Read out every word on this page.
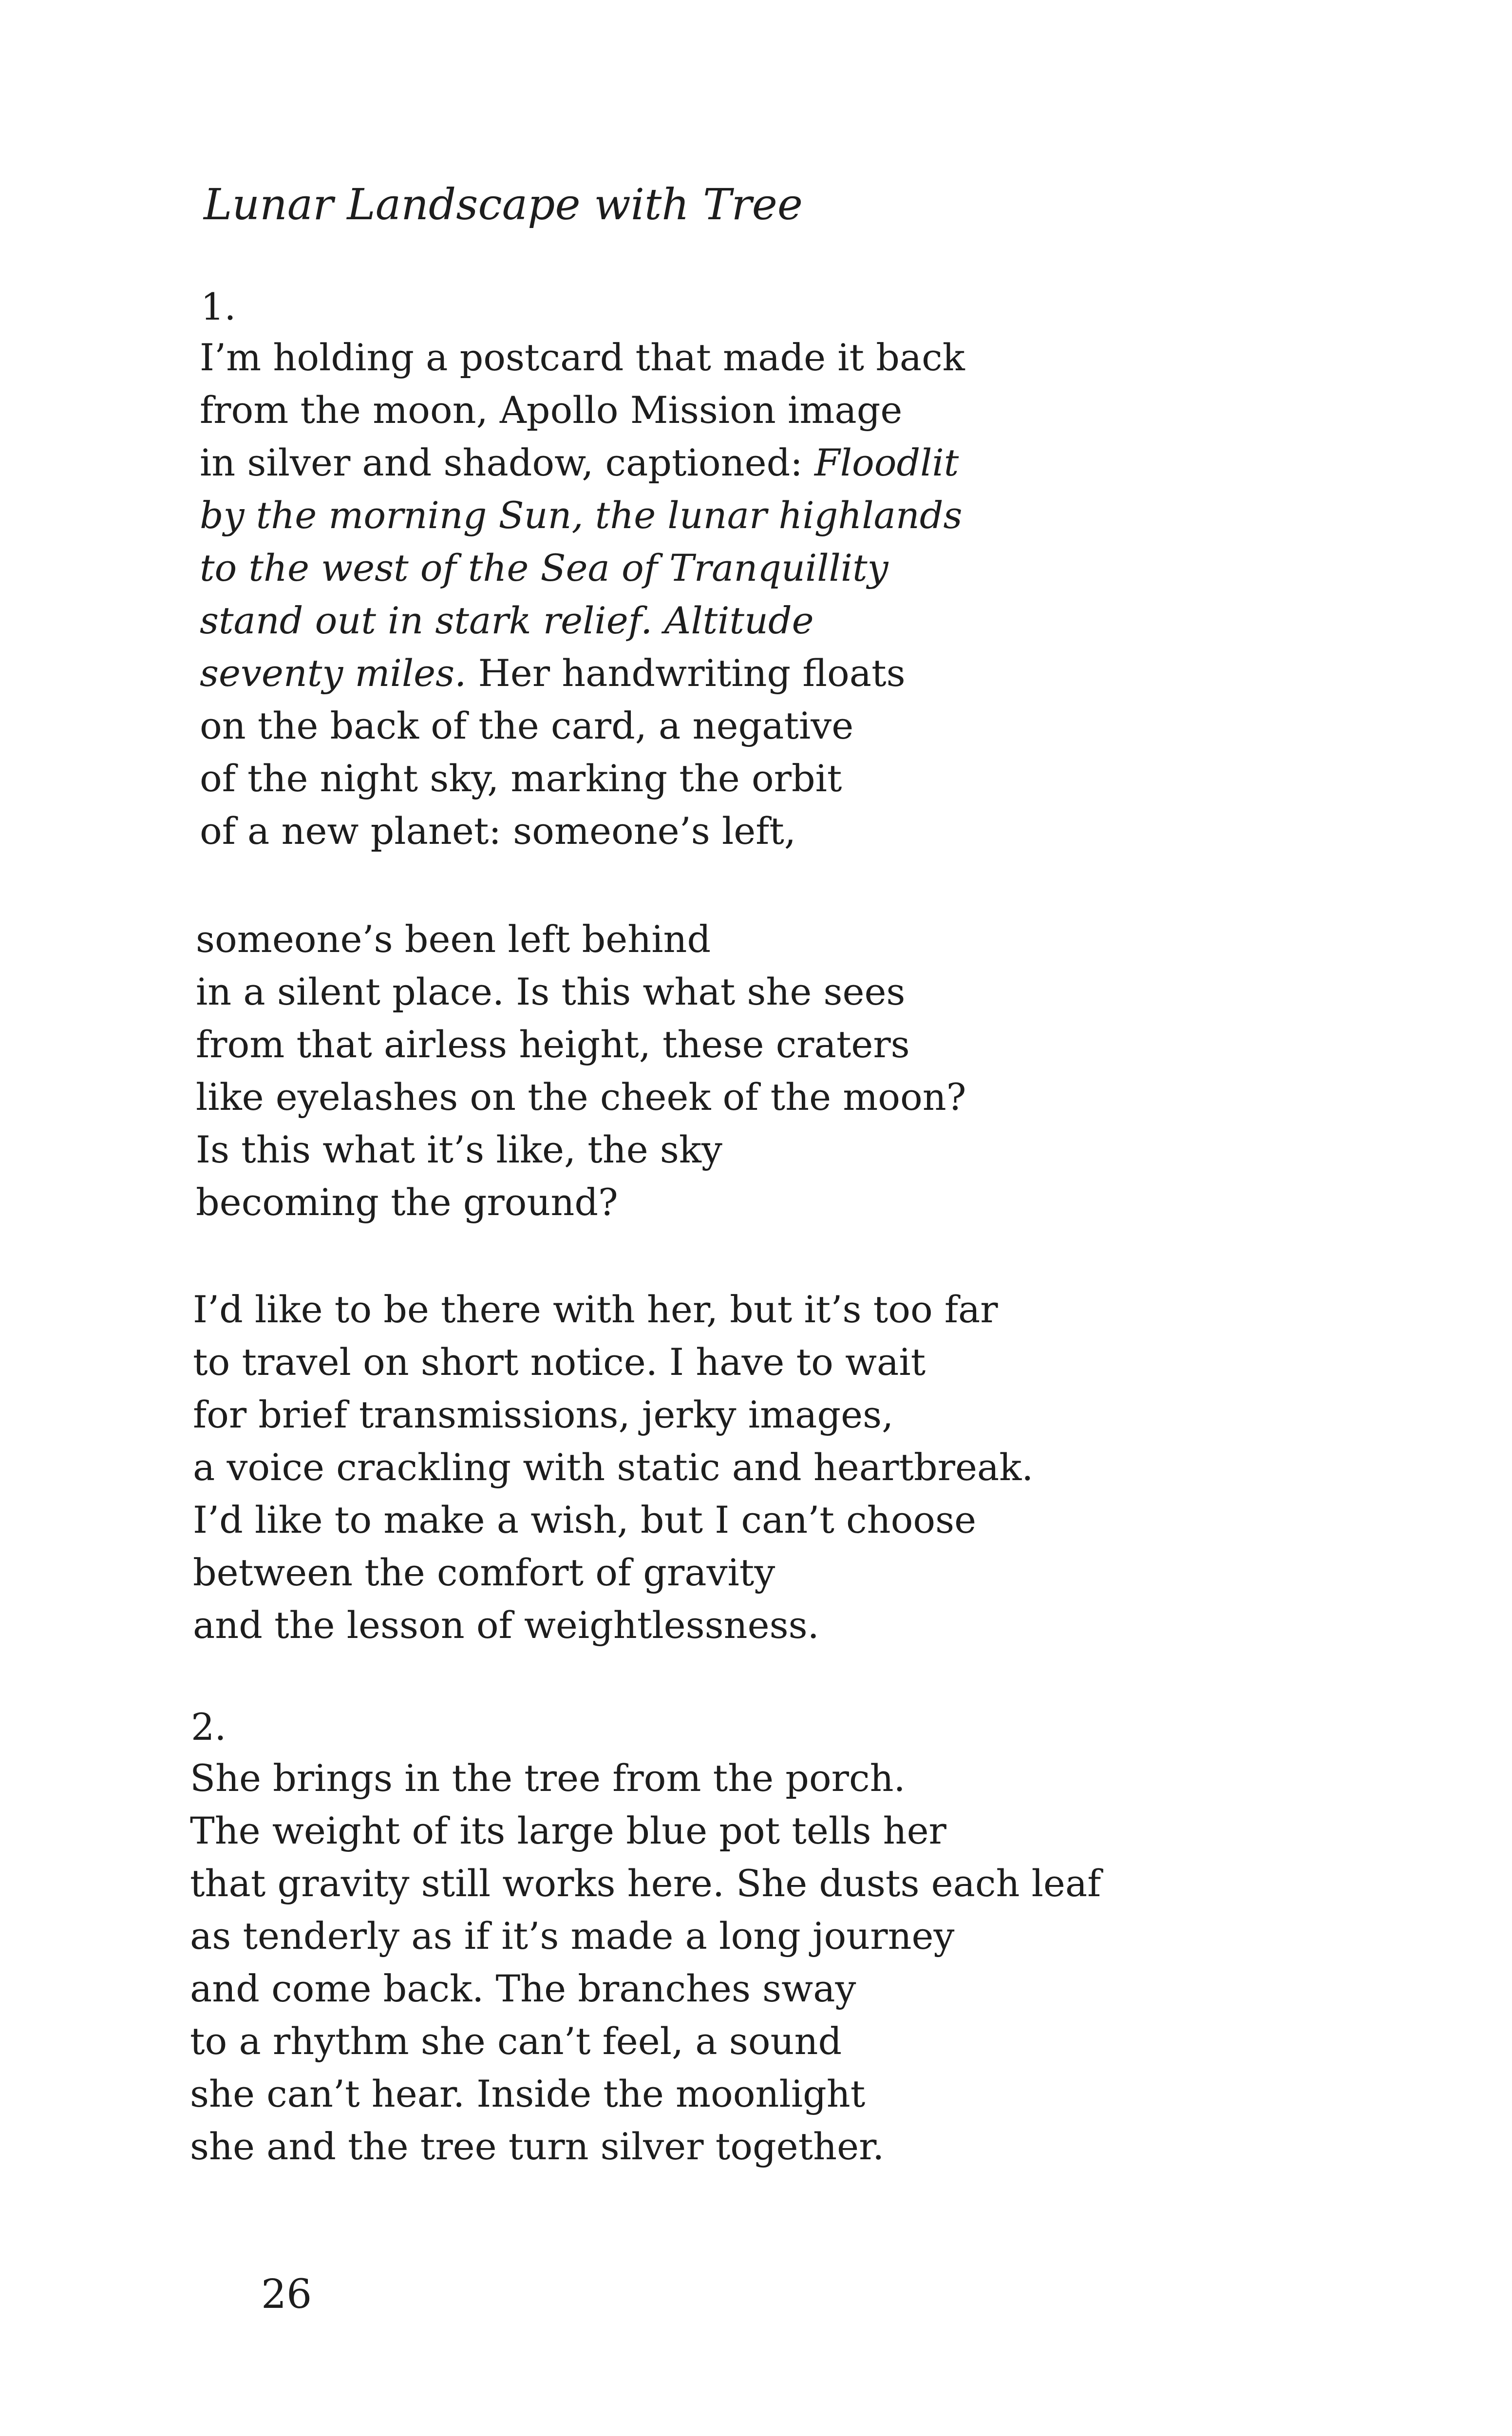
Lunar Landscape with Tree
1.
I’m holding a postcard that made it back
from the moon, Apollo Mission image
in silver and shadow, captioned: Floodlit
by the morning Sun, the lunar highlands
to the west of the Sea of Tranquillity
stand out in stark relief. Altitude
seventy miles. Her handwriting floats
on the back of the card, a negative
of the night sky, marking the orbit
of a new planet: someone’s left,
someone’s been left behind
in a silent place. Is this what she sees
from that airless height, these craters
like eyelashes on the cheek of the moon?
Is this what it’s like, the sky
becoming the ground?
I’d like to be there with her, but it’s too far
to travel on short notice. I have to wait
for brief transmissions, jerky images,
a voice crackling with static and heartbreak.
I’d like to make a wish, but I can’t choose
between the comfort of gravity
and the lesson of weightlessness.
2.
She brings in the tree from the porch.
The weight of its large blue pot tells her
that gravity still works here. She dusts each leaf
as tenderly as if it’s made a long journey
and come back. The branches sway
to a rhythm she can’t feel, a sound
she can’t hear. Inside the moonlight
she and the tree turn silver together.
26
